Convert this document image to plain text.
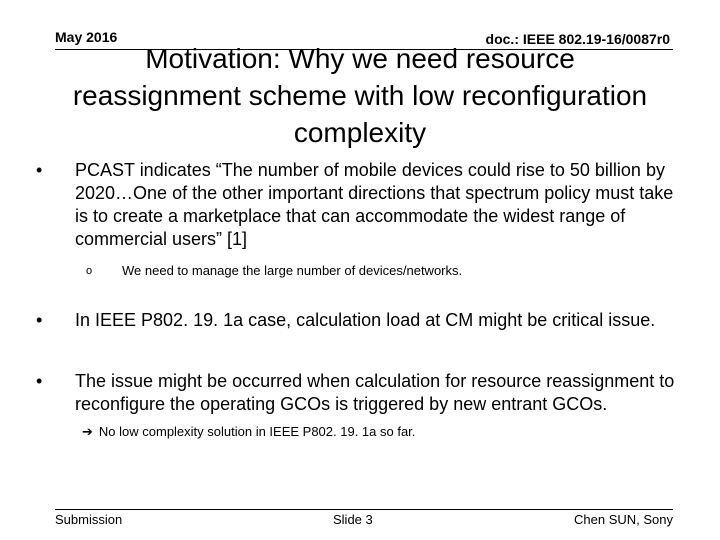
May 2016	doc.: IEEE 802.19-16/0087r0
Motivation: Why we need resource reassignment scheme with low reconfiguration complexity
•	PCAST indicates “The number of mobile devices could rise to 50 billion by 2020…One of the other important directions that spectrum policy must take is to create a marketplace that can accommodate the widest range of commercial users” [1]
o	We need to manage the large number of devices/networks.
•	In IEEE P802. 19. 1a case, calculation load at CM might be critical issue.
•	The issue might be occurred when calculation for resource reassignment to reconfigure the operating GCOs is triggered by new entrant GCOs.
➔ No low complexity solution in IEEE P802. 19. 1a so far.
Submission	Slide 3	Chen SUN, Sony
